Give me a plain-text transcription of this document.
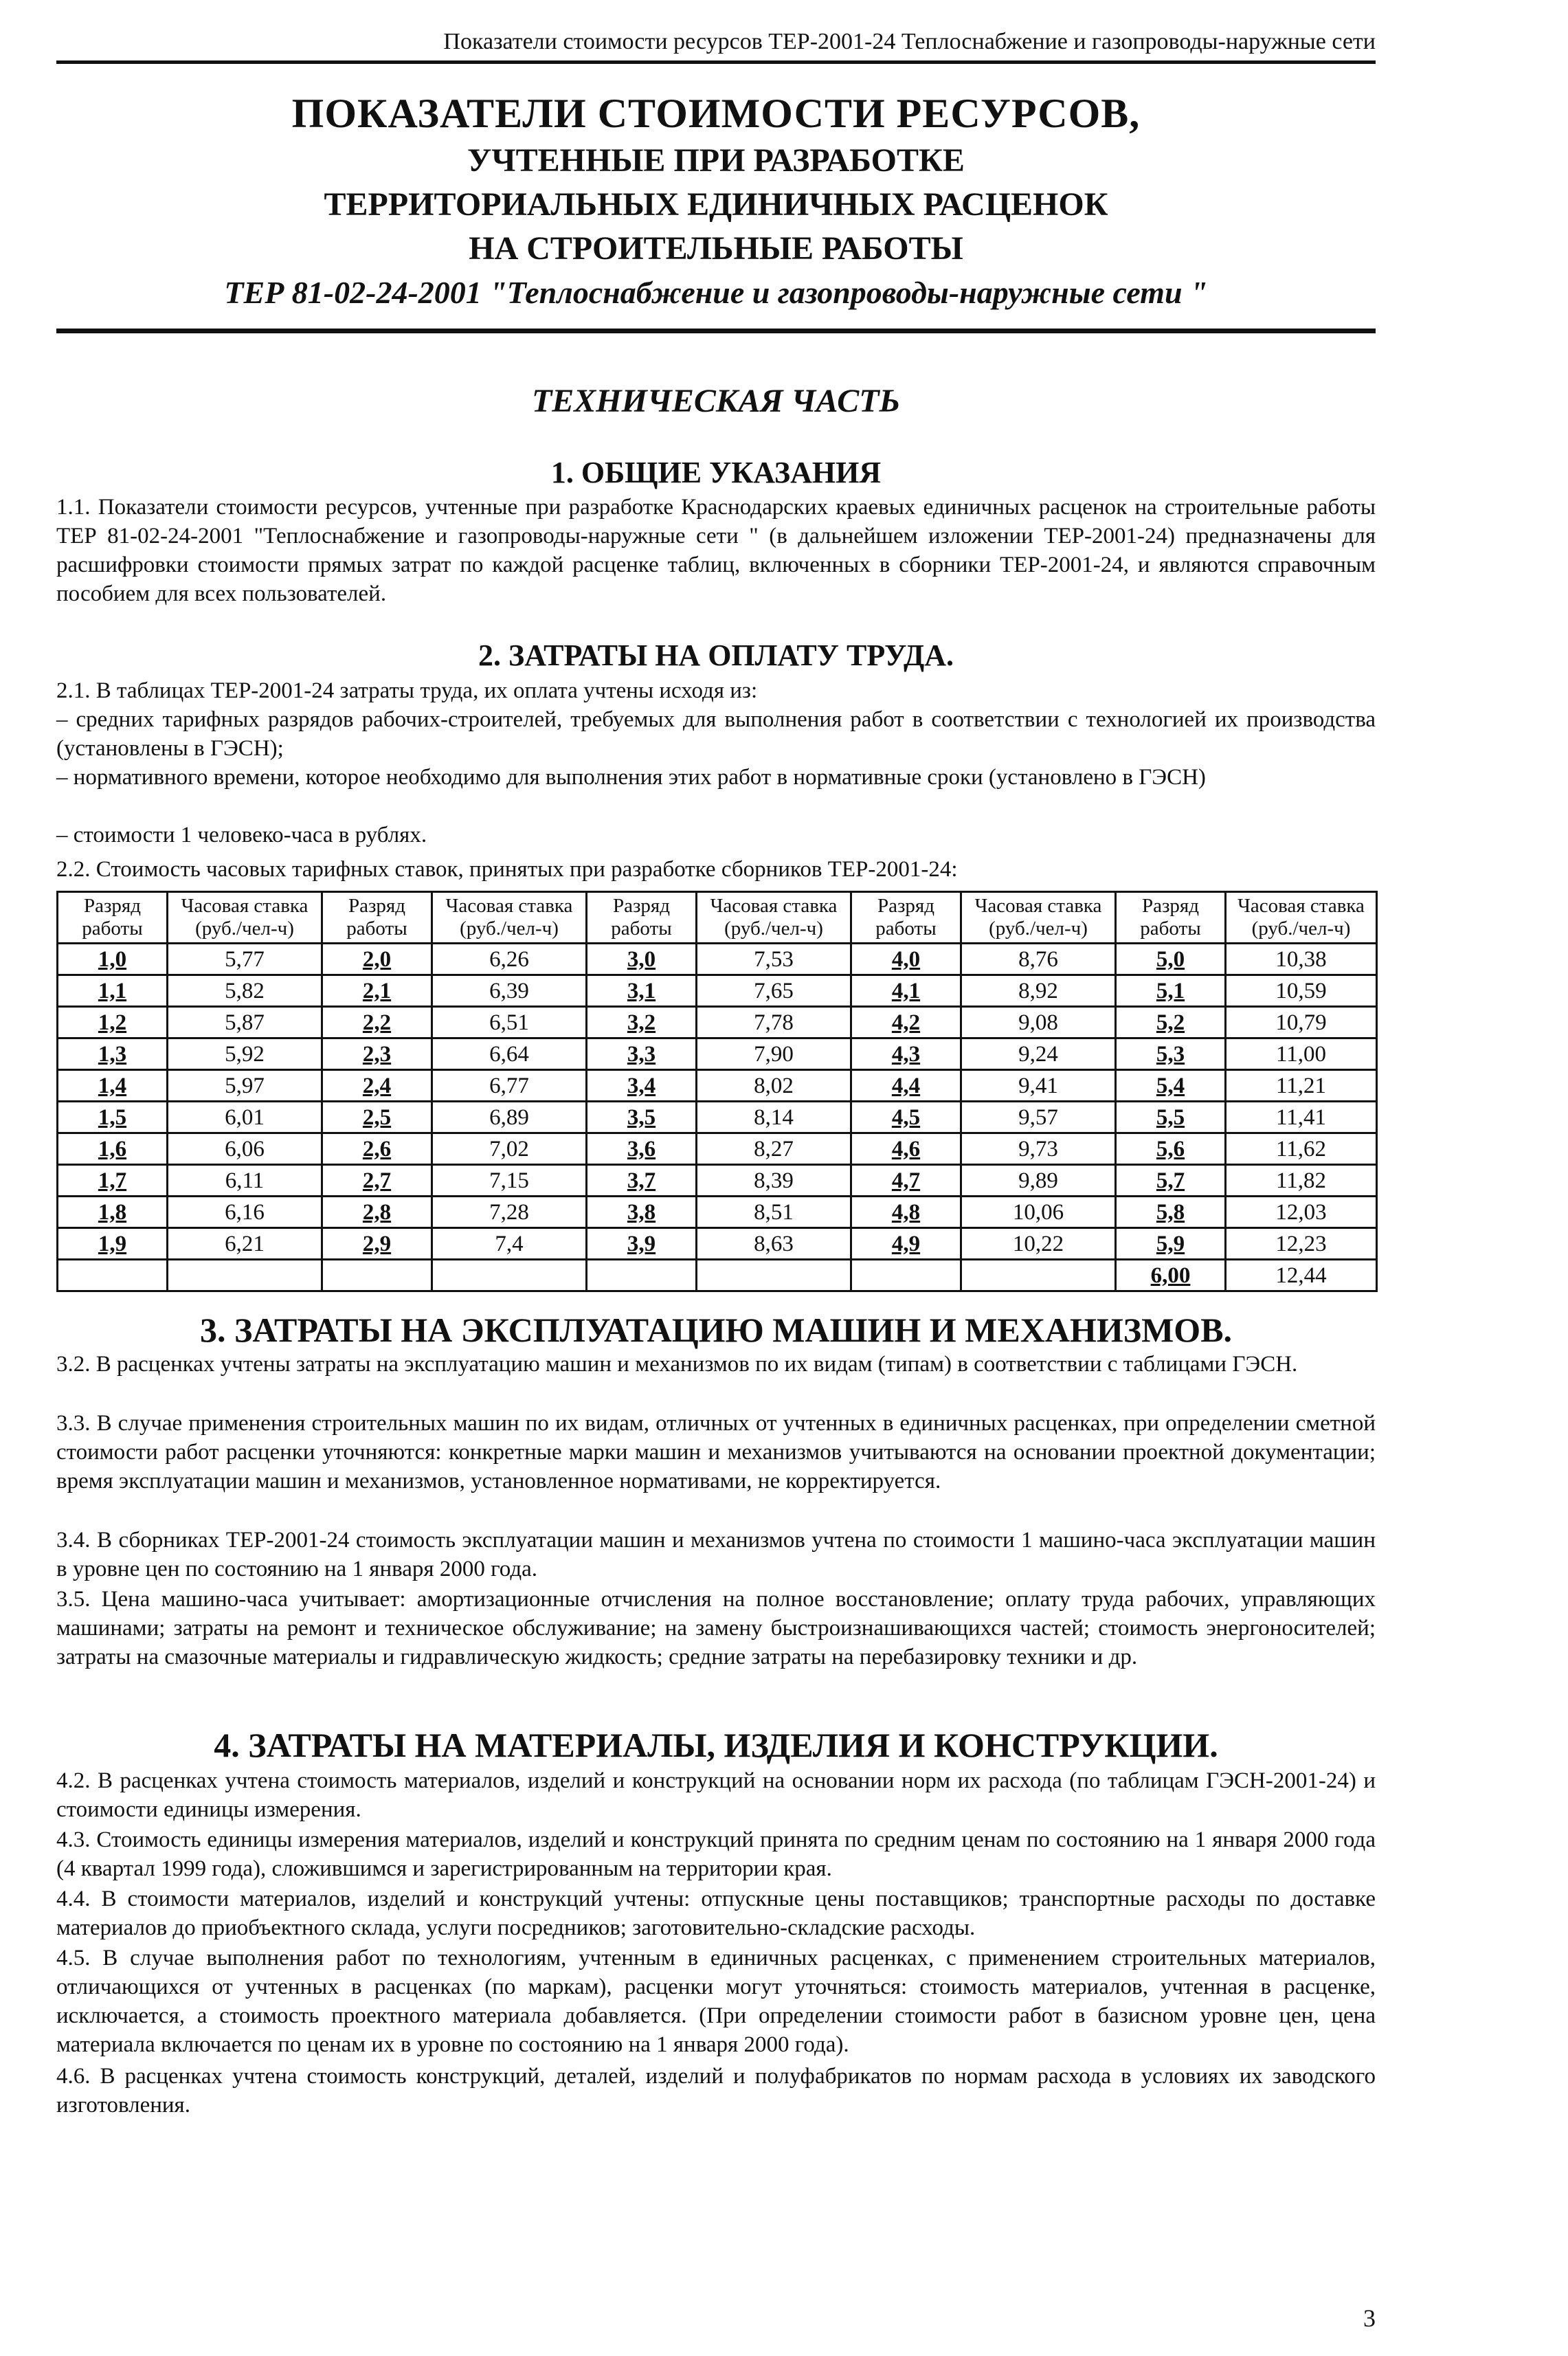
Показатели стоимости ресурсов ТЕР-2001-24 Теплоснабжение и газопроводы-наружные сети
ПОКАЗАТЕЛИ СТОИМОСТИ РЕСУРСОВ,
УЧТЕННЫЕ ПРИ РАЗРАБОТКЕ
ТЕРРИТОРИАЛЬНЫХ ЕДИНИЧНЫХ РАСЦЕНОК
НА СТРОИТЕЛЬНЫЕ РАБОТЫ
ТЕР 81-02-24-2001 "Теплоснабжение и газопроводы-наружные сети "
ТЕХНИЧЕСКАЯ ЧАСТЬ
1. ОБЩИЕ УКАЗАНИЯ
1.1. Показатели стоимости ресурсов, учтенные при разработке Краснодарских краевых единичных расценок на строительные работы ТЕР 81-02-24-2001 "Теплоснабжение и газопроводы-наружные сети " (в дальнейшем изложении ТЕР-2001-24) предназначены для расшифровки стоимости прямых затрат по каждой расценке таблиц, включенных в сборники ТЕР-2001-24, и являются справочным пособием для всех пользователей.
2. ЗАТРАТЫ НА ОПЛАТУ ТРУДА.
2.1. В таблицах ТЕР-2001-24 затраты труда, их оплата учтены исходя из:
– средних тарифных разрядов рабочих-строителей, требуемых для выполнения работ в соответствии с технологией их производства (установлены в ГЭСН);
– нормативного времени, которое необходимо для выполнения этих работ в нормативные сроки (установлено в ГЭСН)
– стоимости 1 человеко-часа в рублях.
2.2. Стоимость часовых тарифных ставок, принятых при разработке сборников ТЕР-2001-24:
Разряд работы	Часовая ставка (руб./чел-ч)	Разряд работы	Часовая ставка (руб./чел-ч)	Разряд работы	Часовая ставка (руб./чел-ч)	Разряд работы	Часовая ставка (руб./чел-ч)	Разряд работы	Часовая ставка (руб./чел-ч)
1,0	5,77	2,0	6,26	3,0	7,53	4,0	8,76	5,0	10,38
1,1	5,82	2,1	6,39	3,1	7,65	4,1	8,92	5,1	10,59
1,2	5,87	2,2	6,51	3,2	7,78	4,2	9,08	5,2	10,79
1,3	5,92	2,3	6,64	3,3	7,90	4,3	9,24	5,3	11,00
1,4	5,97	2,4	6,77	3,4	8,02	4,4	9,41	5,4	11,21
1,5	6,01	2,5	6,89	3,5	8,14	4,5	9,57	5,5	11,41
1,6	6,06	2,6	7,02	3,6	8,27	4,6	9,73	5,6	11,62
1,7	6,11	2,7	7,15	3,7	8,39	4,7	9,89	5,7	11,82
1,8	6,16	2,8	7,28	3,8	8,51	4,8	10,06	5,8	12,03
1,9	6,21	2,9	7,4	3,9	8,63	4,9	10,22	5,9	12,23
								6,00	12,44
3. ЗАТРАТЫ НА ЭКСПЛУАТАЦИЮ МАШИН И МЕХАНИЗМОВ.
3.2. В расценках учтены затраты на эксплуатацию машин и механизмов по их видам (типам) в соответствии с таблицами ГЭСН.
3.3. В случае применения строительных машин по их видам, отличных от учтенных в единичных расценках, при определении сметной стоимости работ расценки уточняются: конкретные марки машин и механизмов учитываются на основании проектной документации; время эксплуатации машин и механизмов, установленное нормативами, не корректируется.
3.4. В сборниках ТЕР-2001-24 стоимость эксплуатации машин и механизмов учтена по стоимости 1 машино-часа эксплуатации машин в уровне цен по состоянию на 1 января 2000 года.
3.5. Цена машино-часа учитывает: амортизационные отчисления на полное восстановление; оплату труда рабочих, управляющих машинами; затраты на ремонт и техническое обслуживание; на замену быстроизнашивающихся частей; стоимость энергоносителей; затраты на смазочные материалы и гидравлическую жидкость; средние затраты на перебазировку техники и др.
4. ЗАТРАТЫ НА МАТЕРИАЛЫ, ИЗДЕЛИЯ И КОНСТРУКЦИИ.
4.2. В расценках учтена стоимость материалов, изделий и конструкций на основании норм их расхода (по таблицам ГЭСН-2001-24) и стоимости единицы измерения.
4.3. Стоимость единицы измерения материалов, изделий и конструкций принята по средним ценам по состоянию на 1 января 2000 года (4 квартал 1999 года), сложившимся и зарегистрированным на территории края.
4.4. В стоимости материалов, изделий и конструкций учтены: отпускные цены поставщиков; транспортные расходы по доставке материалов до приобъектного склада, услуги посредников; заготовительно-складские расходы.
4.5. В случае выполнения работ по технологиям, учтенным в единичных расценках, с применением строительных материалов, отличающихся от учтенных в расценках (по маркам), расценки могут уточняться: стоимость материалов, учтенная в расценке, исключается, а стоимость проектного материала добавляется. (При определении стоимости работ в базисном уровне цен, цена материала включается по ценам их в уровне по состоянию на 1 января 2000 года).
4.6. В расценках учтена стоимость конструкций, деталей, изделий и полуфабрикатов по нормам расхода в условиях их заводского изготовления.
3
